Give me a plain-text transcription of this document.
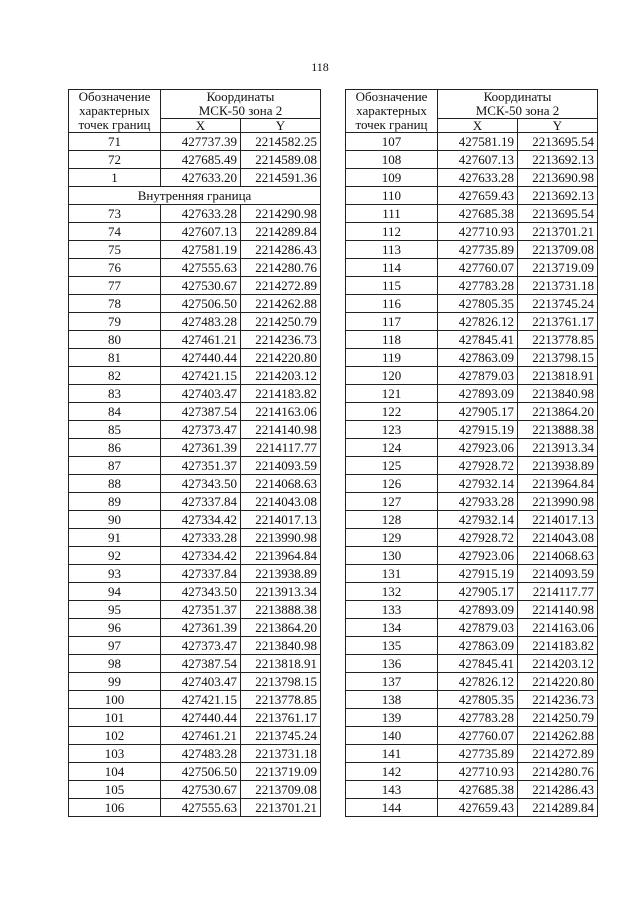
118
Обозначение
характерных
точек границ	Координаты
МСК-50 зона 2	

	X	Y
71	427737.39	2214582.25
72	427685.49	2214589.08
1	427633.20	2214591.36
Внутренняя граница		
73	427633.28	2214290.98
74	427607.13	2214289.84
75	427581.19	2214286.43
76	427555.63	2214280.76
77	427530.67	2214272.89
78	427506.50	2214262.88
79	427483.28	2214250.79
80	427461.21	2214236.73
81	427440.44	2214220.80
82	427421.15	2214203.12
83	427403.47	2214183.82
84	427387.54	2214163.06
85	427373.47	2214140.98
86	427361.39	2214117.77
87	427351.37	2214093.59
88	427343.50	2214068.63
89	427337.84	2214043.08
90	427334.42	2214017.13
91	427333.28	2213990.98
92	427334.42	2213964.84
93	427337.84	2213938.89
94	427343.50	2213913.34
95	427351.37	2213888.38
96	427361.39	2213864.20
97	427373.47	2213840.98
98	427387.54	2213818.91
99	427403.47	2213798.15
100	427421.15	2213778.85
101	427440.44	2213761.17
102	427461.21	2213745.24
103	427483.28	2213731.18
104	427506.50	2213719.09
105	427530.67	2213709.08
106	427555.63	2213701.21
Обозначение
характерных
точек границ	Координаты
МСК-50 зона 2	

	X	Y
107	427581.19	2213695.54
108	427607.13	2213692.13
109	427633.28	2213690.98
110	427659.43	2213692.13
111	427685.38	2213695.54
112	427710.93	2213701.21
113	427735.89	2213709.08
114	427760.07	2213719.09
115	427783.28	2213731.18
116	427805.35	2213745.24
117	427826.12	2213761.17
118	427845.41	2213778.85
119	427863.09	2213798.15
120	427879.03	2213818.91
121	427893.09	2213840.98
122	427905.17	2213864.20
123	427915.19	2213888.38
124	427923.06	2213913.34
125	427928.72	2213938.89
126	427932.14	2213964.84
127	427933.28	2213990.98
128	427932.14	2214017.13
129	427928.72	2214043.08
130	427923.06	2214068.63
131	427915.19	2214093.59
132	427905.17	2214117.77
133	427893.09	2214140.98
134	427879.03	2214163.06
135	427863.09	2214183.82
136	427845.41	2214203.12
137	427826.12	2214220.80
138	427805.35	2214236.73
139	427783.28	2214250.79
140	427760.07	2214262.88
141	427735.89	2214272.89
142	427710.93	2214280.76
143	427685.38	2214286.43
144	427659.43	2214289.84
